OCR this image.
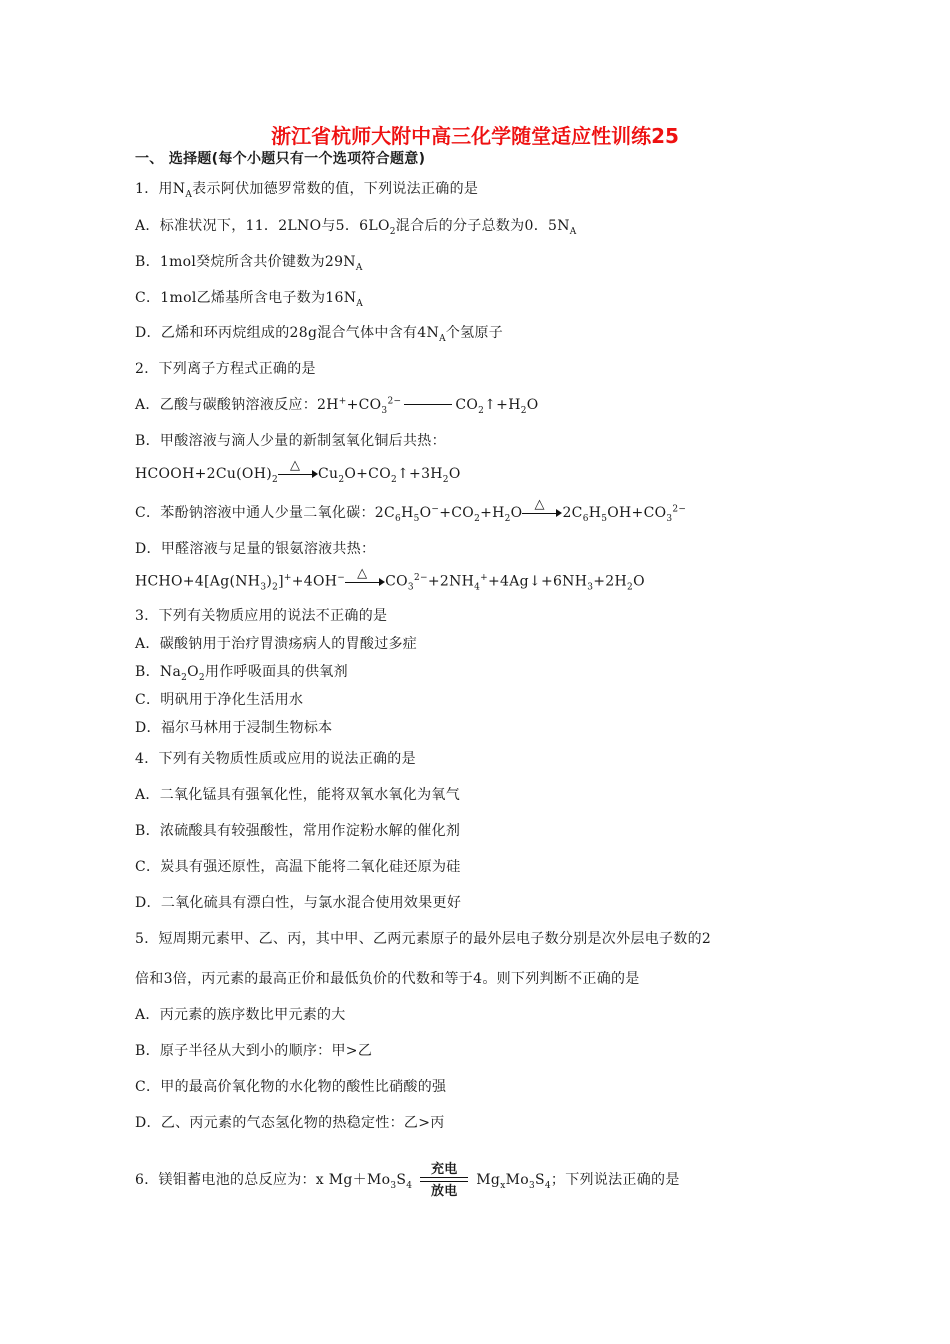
浙江省杭师大附中高三化学随堂适应性训练25
一、 选择题(每个小题只有一个选项符合题意)
1．用$N_A$表示阿伏加德罗常数的值，下列说法正确的是
A．标准状况下，11．2LNO与5．$6LO_2$混合后的分子总数为0．$5N_A$
B．1mol癸烷所含共价键数为$29N_A$
C．1mol乙烯基所含电子数为$16N_A$
D．乙烯和环丙烷组成的28g混合气体中含有$4N_A$个氢原子
2．下列离子方程式正确的是
A．乙酸与碳酸钠溶液反应：$2H^++CO_3^{2-}$	$CO_2↑+H_2O$
B．甲酸溶液与滴人少量的新制氢氧化铜后共热：
$HCOOH+2Cu(OH)_2$
△
$Cu_2O+CO_2↑+3H_2O$
C．苯酚钠溶液中通人少量二氧化碳：$2C_6H_5O^-+CO_2+H_2O$
△
$2C_6H_5OH+CO_3^{2-}$
D．甲醛溶液与足量的银氨溶液共热：
$HCHO+4[Ag(NH_3)_2]^++4OH^-$ △
$CO_3^{2-}+2NH_4^++4Ag↓+6NH_3+2H_2O$
3．下列有关物质应用的说法不正确的是
A．碳酸钠用于治疗胃溃疡病人的胃酸过多症
B．$Na_2O_2$用作呼吸面具的供氧剂
C．明矾用于净化生活用水
D．福尔马林用于浸制生物标本
4．下列有关物质性质或应用的说法正确的是
A．二氧化锰具有强氧化性，能将双氧水氧化为氧气
B．浓硫酸具有较强酸性，常用作淀粉水解的催化剂
C．炭具有强还原性，高温下能将二氧化硅还原为硅
D．二氧化硫具有漂白性，与氯水混合使用效果更好
5．短周期元素甲、乙、丙，其中甲、乙两元素原子的最外层电子数分别是次外层电子数的2
倍和3倍，丙元素的最高正价和最低负价的代数和等于4。则下列判断不正确的是
A．丙元素的族序数比甲元素的大
B．原子半径从大到小的顺序：甲>乙
C．甲的最高价氧化物的水化物的酸性比硝酸的强
D．乙、丙元素的气态氢化物的热稳定性：乙>丙
6．镁钼蓄电池的总反应为：x $Mg+Mo_3S_4$
充电
放电
$Mg_xMo_3S_4$；下列说法正确的是
